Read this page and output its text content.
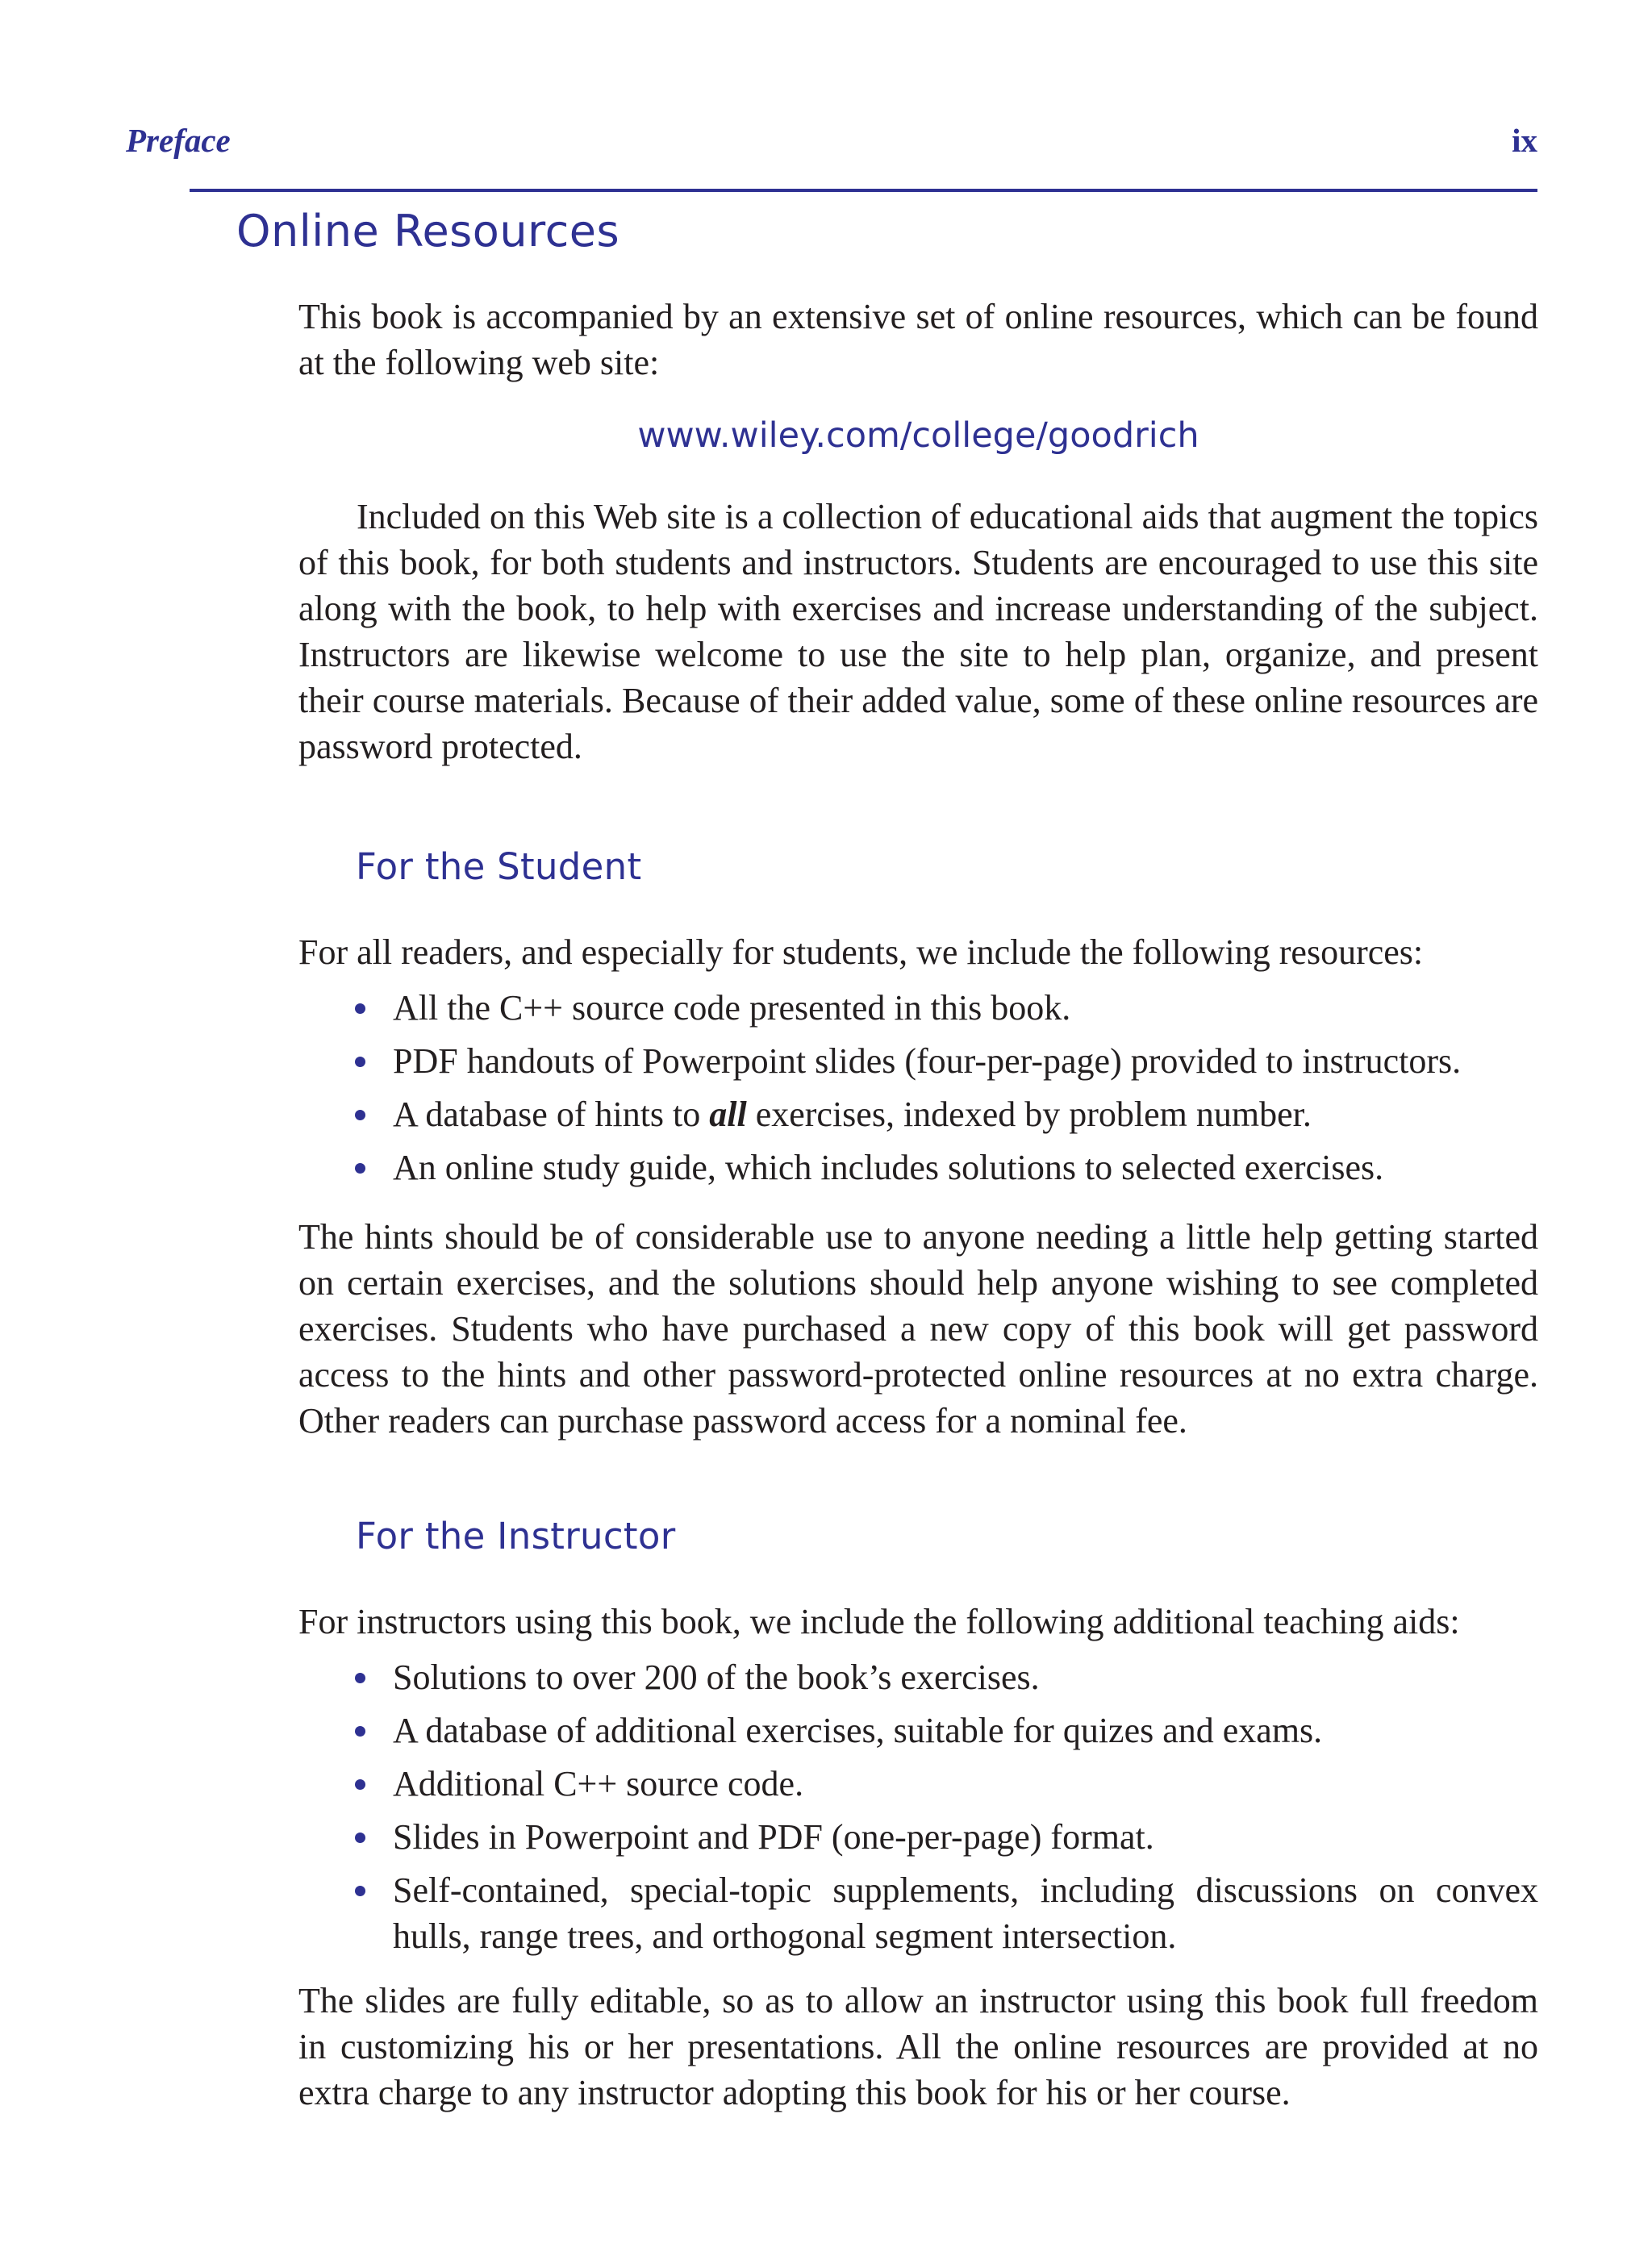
Preface	ix
Online Resources

This book is accompanied by an extensive set of online resources, which can be found at the following web site:

www.wiley.com/college/goodrich

Included on this Web site is a collection of educational aids that augment the topics of this book, for both students and instructors. Students are encouraged to use this site along with the book, to help with exercises and increase understanding of the subject. Instructors are likewise welcome to use the site to help plan, organize, and present their course materials. Because of their added value, some of these online resources are password protected.

For the Student

For all readers, and especially for students, we include the following resources:

All the C++ source code presented in this book.
PDF handouts of Powerpoint slides (four-per-page) provided to instructors.
A database of hints to all exercises, indexed by problem number.
An online study guide, which includes solutions to selected exercises.

The hints should be of considerable use to anyone needing a little help getting started on certain exercises, and the solutions should help anyone wishing to see completed exercises. Students who have purchased a new copy of this book will get password access to the hints and other password-protected online resources at no extra charge. Other readers can purchase password access for a nominal fee.

For the Instructor

For instructors using this book, we include the following additional teaching aids:

Solutions to over 200 of the book’s exercises.
A database of additional exercises, suitable for quizes and exams.
Additional C++ source code.
Slides in Powerpoint and PDF (one-per-page) format.
Self-contained, special-topic supplements, including discussions on convex hulls, range trees, and orthogonal segment intersection.

The slides are fully editable, so as to allow an instructor using this book full freedom in customizing his or her presentations. All the online resources are provided at no extra charge to any instructor adopting this book for his or her course.
